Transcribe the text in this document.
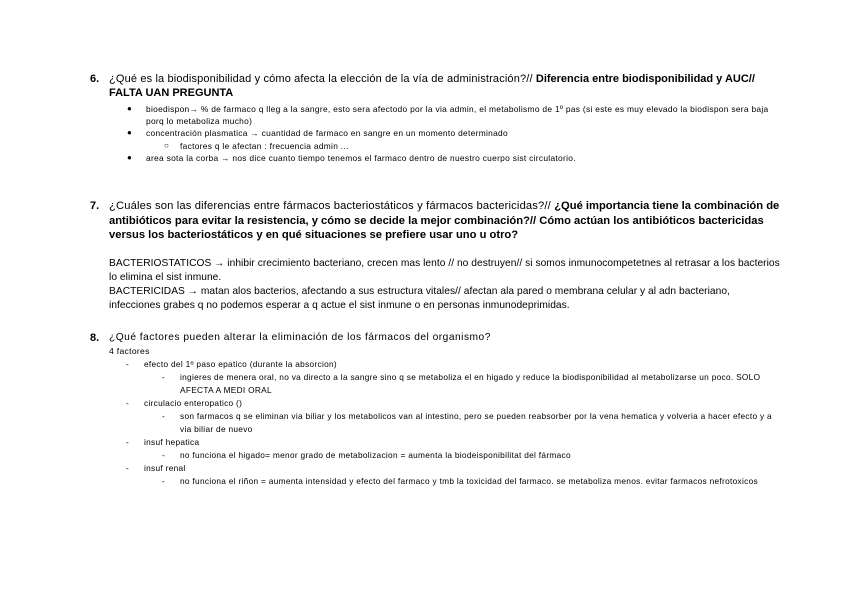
6. ¿Qué es la biodisponibilidad y cómo afecta la elección de la vía de administración?// Diferencia entre biodisponibilidad y AUC// FALTA UAN PREGUNTA
● bioedispon→ % de farmaco q lleg a la sangre, esto sera afectodo por la via admin, el metabolismo de 1º pas (si este es muy elevado la biodispon sera baja porq lo metaboliza mucho)
● concentración plasmatica → cuantidad de farmaco en sangre en un momento determinado
○ factores q le afectan : frecuencia admin ...
● area sota la corba → nos dice cuanto tiempo tenemos el farmaco dentro de nuestro cuerpo sist circulatorio.
7. ¿Cuáles son las diferencias entre fármacos bacteriostáticos y fármacos bactericidas?// ¿Qué importancia tiene la combinación de antibióticos para evitar la resistencia, y cómo se decide la mejor combinación?// Cómo actúan los antibióticos bactericidas versus los bacteriostáticos y en qué situaciones se prefiere usar uno u otro?
BACTERIOSTATICOS → inhibir crecimiento bacteriano, crecen mas lento // no destruyen// si somos inmunocompetetnes al retrasar a los bacterios lo elimina el sist inmune.
BACTERICIDAS → matan alos bacterios, afectando a sus estructura vitales// afectan ala pared o membrana celular y al adn bacteriano, infecciones grabes q no podemos esperar a q actue el sist inmune o en personas inmunodeprimidas.
8. ¿Qué factores pueden alterar la eliminación de los fármacos del organismo?
4 factores
- efecto del 1º paso epatico (durante la absorcion)
- ingieres de menera oral, no va directo a la sangre sino q se metaboliza el en higado y reduce la biodisponibilidad al metabolizarse un poco. SOLO AFECTA A MEDI ORAL
- circulacio enteropatico ()
- son farmacos q se eliminan via biliar y los metabolicos van al intestino, pero se pueden reabsorber por la vena hematica y volveria a hacer efecto y a via biliar de nuevo
- insuf hepatica
- no funciona el higado= menor grado de metabolizacion = aumenta la biodeisponibilitat del fármaco
- insuf renal
- no funciona el riñon = aumenta intensidad y efecto del farmaco y tmb la toxicidad del farmaco. se metaboliza menos. evitar farmacos nefrotoxicos
